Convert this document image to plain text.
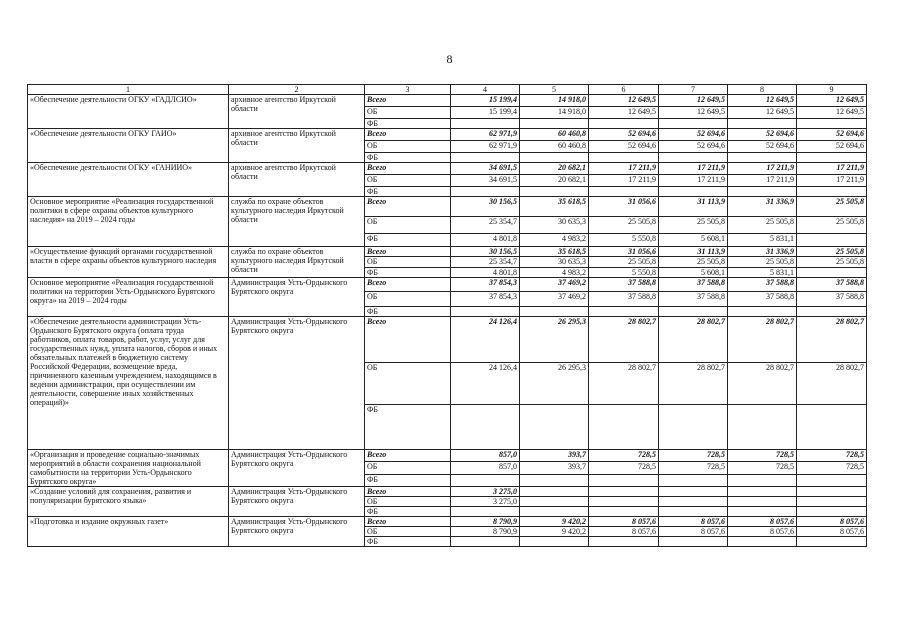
8
1	2	3	4	5	6	7	8	9
«Обеспечение деятельности ОГКУ «ГАДЛСИО»	архивное агентство Иркутской области	Всего	15 199,4	14 918,0	12 649,5	12 649,5	12 649,5	12 649,5
		ОБ	15 199,4	14 918,0	12 649,5	12 649,5	12 649,5	12 649,5
		ФБ						
«Обеспечение деятельности ОГКУ ГАИО»	архивное агентство Иркутской области	Всего	62 971,9	60 460,8	52 694,6	52 694,6	52 694,6	52 694,6
		ОБ	62 971,9	60 460,8	52 694,6	52 694,6	52 694,6	52 694,6
		ФБ						
«Обеспечение деятельности ОГКУ «ГАНИИО»	архивное агентство Иркутской области	Всего	34 691,5	20 682,1	17 211,9	17 211,9	17 211,9	17 211,9
		ОБ	34 691,5	20 682,1	17 211,9	17 211,9	17 211,9	17 211,9
		ФБ						
Основное мероприятие «Реализация государственной политики в сфере охраны объектов культурного наследия» на 2019 – 2024 годы	служба по охране объектов культурного наследия Иркутской области	Всего	30 156,5	35 618,5	31 056,6	31 113,9	31 336,9	25 505,8
		ОБ	25 354,7	30 635,3	25 505,8	25 505,8	25 505,8	25 505,8
		ФБ	4 801,8	4 983,2	5 550,8	5 608,1	5 831,1	
«Осуществление функций органами государственной власти в сфере охраны объектов культурного наследия	служба по охране объектов культурного наследия Иркутской области	Всего	30 156,5	35 618,5	31 056,6	31 113,9	31 336,9	25 505,8
		ОБ	25 354,7	30 635,3	25 505,8	25 505,8	25 505,8	25 505,8
		ФБ	4 801,8	4 983,2	5 550,8	5 608,1	5 831,1	
Основное мероприятие «Реализация государственной политики на территории Усть-Ордынского Бурятского округа» на 2019 – 2024 годы	Администрация Усть-Ордынского Бурятского округа	Всего	37 854,3	37 469,2	37 588,8	37 588,8	37 588,8	37 588,8
		ОБ	37 854,3	37 469,2	37 588,8	37 588,8	37 588,8	37 588,8
		ФБ						
«Обеспечение деятельности администрации Усть-Ордынского Бурятского округа (оплата труда работников, оплата товаров, работ, услуг, услуг для государственных нужд, уплата налогов, сборов и иных обязательных платежей в бюджетную систему Российской Федерации, возмещение вреда, причиненного казенным учреждением, находящимся в ведении администрации, при осуществлении им деятельности, совершение иных хозяйственных операций)»	Администрация Усть-Ордынского Бурятского округа	Всего	24 126,4	26 295,3	28 802,7	28 802,7	28 802,7	28 802,7
		ОБ	24 126,4	26 295,3	28 802,7	28 802,7	28 802,7	28 802,7
		ФБ						
«Организация и проведение социально-значимых мероприятий в области сохранения национальной самобытности на территории Усть-Ордынского Бурятского округа»	Администрация Усть-Ордынского Бурятского округа	Всего	857,0	393,7	728,5	728,5	728,5	728,5
		ОБ	857,0	393,7	728,5	728,5	728,5	728,5
		ФБ						
«Создание условий для сохранения, развития и популяризации бурятского языка»	Администрация Усть-Ордынского Бурятского округа	Всего	3 275,0					
		ОБ	3 275,0					
		ФБ						
«Подготовка и издание окружных газет»	Администрация Усть-Ордынского Бурятского округа	Всего	8 790,9	9 420,2	8 057,6	8 057,6	8 057,6	8 057,6
		ОБ	8 790,9	9 420,2	8 057,6	8 057,6	8 057,6	8 057,6
		ФБ						
